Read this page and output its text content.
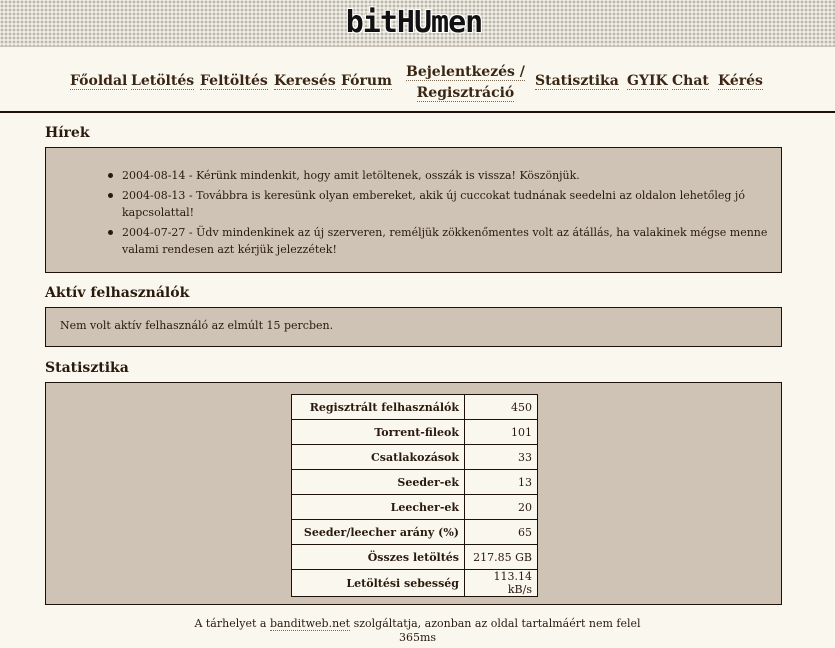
bitHUmen
Főoldal Letöltés Feltöltés Keresés Fórum
Bejelentkezés /
Regisztráció
Statisztika GYIK Chat Kérés
Hírek
2004-08-14 - Kérünk mindenkit, hogy amit letöltenek, osszák is vissza! Köszönjük.
2004-08-13 - Továbbra is keresünk olyan embereket, akik új cuccokat tudnának seedelni az oldalon lehetőleg jó kapcsolattal!
2004-07-27 - Üdv mindenkinek az új szerveren, reméljük zökkenőmentes volt az átállás, ha valakinek mégse menne valami rendesen azt kérjük jelezzétek!
Aktív felhasználók
Nem volt aktív felhasználó az elmúlt 15 percben.
Statisztika
Regisztrált felhasználók	450
Torrent-fileok	101
Csatlakozások	33
Seeder-ek	13
Leecher-ek	20
Seeder/leecher arány (%)	65
Összes letöltés	217.85 GB
Letöltési sebesség	113.14 kB/s
A tárhelyet a banditweb.net szolgáltatja, azonban az oldal tartalmáért nem felel
365ms
